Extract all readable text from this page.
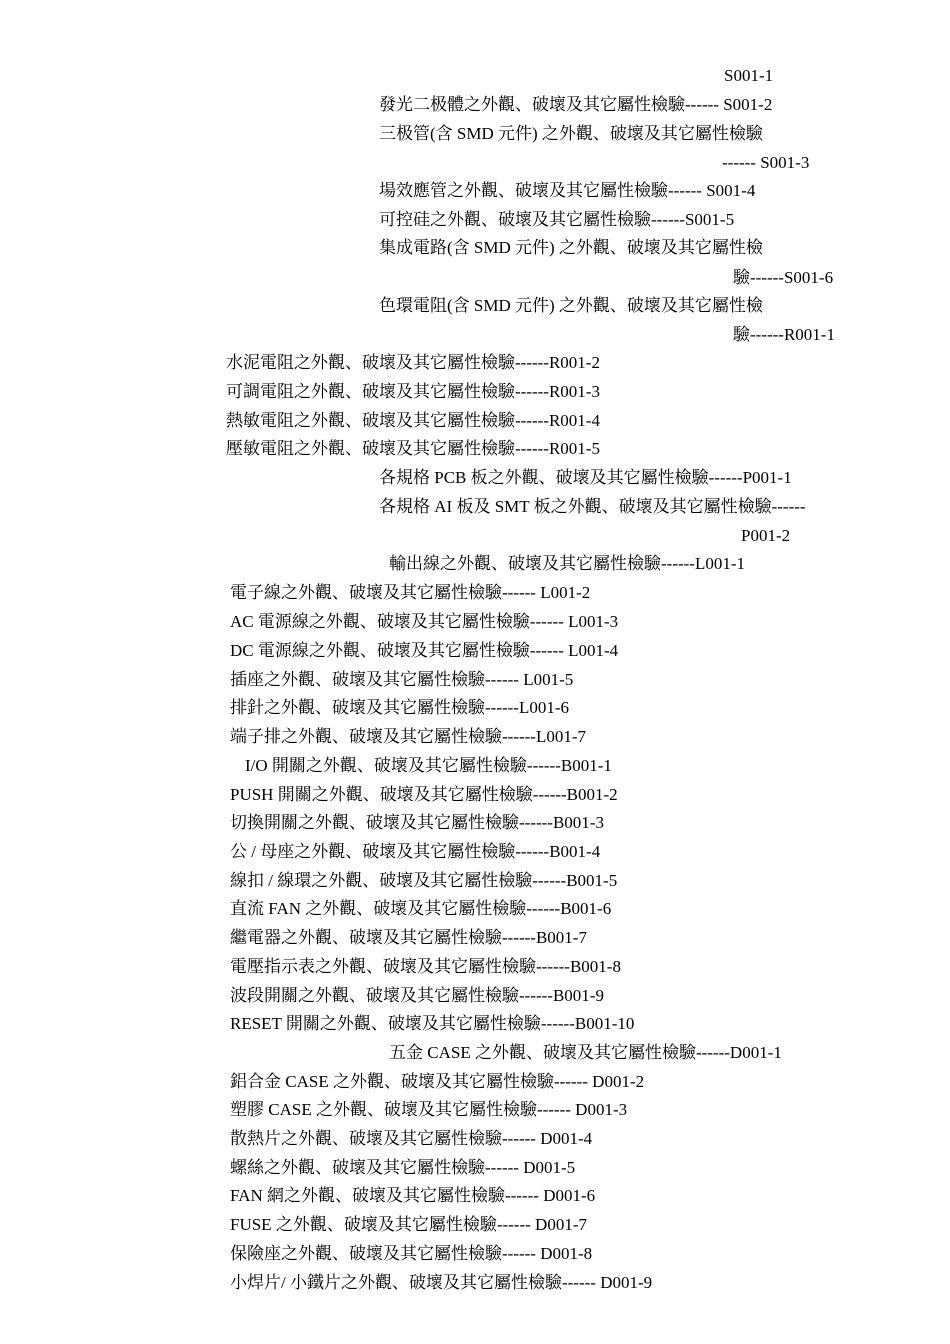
S001-1
發光二极體之外觀、破壞及其它屬性檢驗------ S001-2
三极管(含 SMD 元件) 之外觀、破壞及其它屬性檢驗
------ S001-3
場效應管之外觀、破壞及其它屬性檢驗------ S001-4
可控硅之外觀、破壞及其它屬性檢驗------S001-5
集成電路(含 SMD 元件) 之外觀、破壞及其它屬性檢
驗------S001-6
色環電阻(含 SMD 元件) 之外觀、破壞及其它屬性檢
驗------R001-1
水泥電阻之外觀、破壞及其它屬性檢驗------R001-2
可調電阻之外觀、破壞及其它屬性檢驗------R001-3
熱敏電阻之外觀、破壞及其它屬性檢驗------R001-4
壓敏電阻之外觀、破壞及其它屬性檢驗------R001-5
各規格 PCB 板之外觀、破壞及其它屬性檢驗------P001-1
各規格 AI 板及 SMT 板之外觀、破壞及其它屬性檢驗------
P001-2
輸出線之外觀、破壞及其它屬性檢驗------L001-1
電子線之外觀、破壞及其它屬性檢驗------ L001-2
AC 電源線之外觀、破壞及其它屬性檢驗------ L001-3
DC 電源線之外觀、破壞及其它屬性檢驗------ L001-4
插座之外觀、破壞及其它屬性檢驗------ L001-5
排針之外觀、破壞及其它屬性檢驗------L001-6
端子排之外觀、破壞及其它屬性檢驗------L001-7
I/O 開關之外觀、破壞及其它屬性檢驗------B001-1
PUSH 開關之外觀、破壞及其它屬性檢驗------B001-2
切換開關之外觀、破壞及其它屬性檢驗------B001-3
公 / 母座之外觀、破壞及其它屬性檢驗------B001-4
線扣 / 線環之外觀、破壞及其它屬性檢驗------B001-5
直流 FAN 之外觀、破壞及其它屬性檢驗------B001-6
繼電器之外觀、破壞及其它屬性檢驗------B001-7
電壓指示表之外觀、破壞及其它屬性檢驗------B001-8
波段開關之外觀、破壞及其它屬性檢驗------B001-9
RESET 開關之外觀、破壞及其它屬性檢驗------B001-10
五金 CASE 之外觀、破壞及其它屬性檢驗------D001-1
鋁合金 CASE 之外觀、破壞及其它屬性檢驗------ D001-2
塑膠 CASE 之外觀、破壞及其它屬性檢驗------ D001-3
散熱片之外觀、破壞及其它屬性檢驗------ D001-4
螺絲之外觀、破壞及其它屬性檢驗------ D001-5
FAN 網之外觀、破壞及其它屬性檢驗------ D001-6
FUSE 之外觀、破壞及其它屬性檢驗------ D001-7
保險座之外觀、破壞及其它屬性檢驗------ D001-8
小焊片/ 小鐵片之外觀、破壞及其它屬性檢驗------ D001-9
